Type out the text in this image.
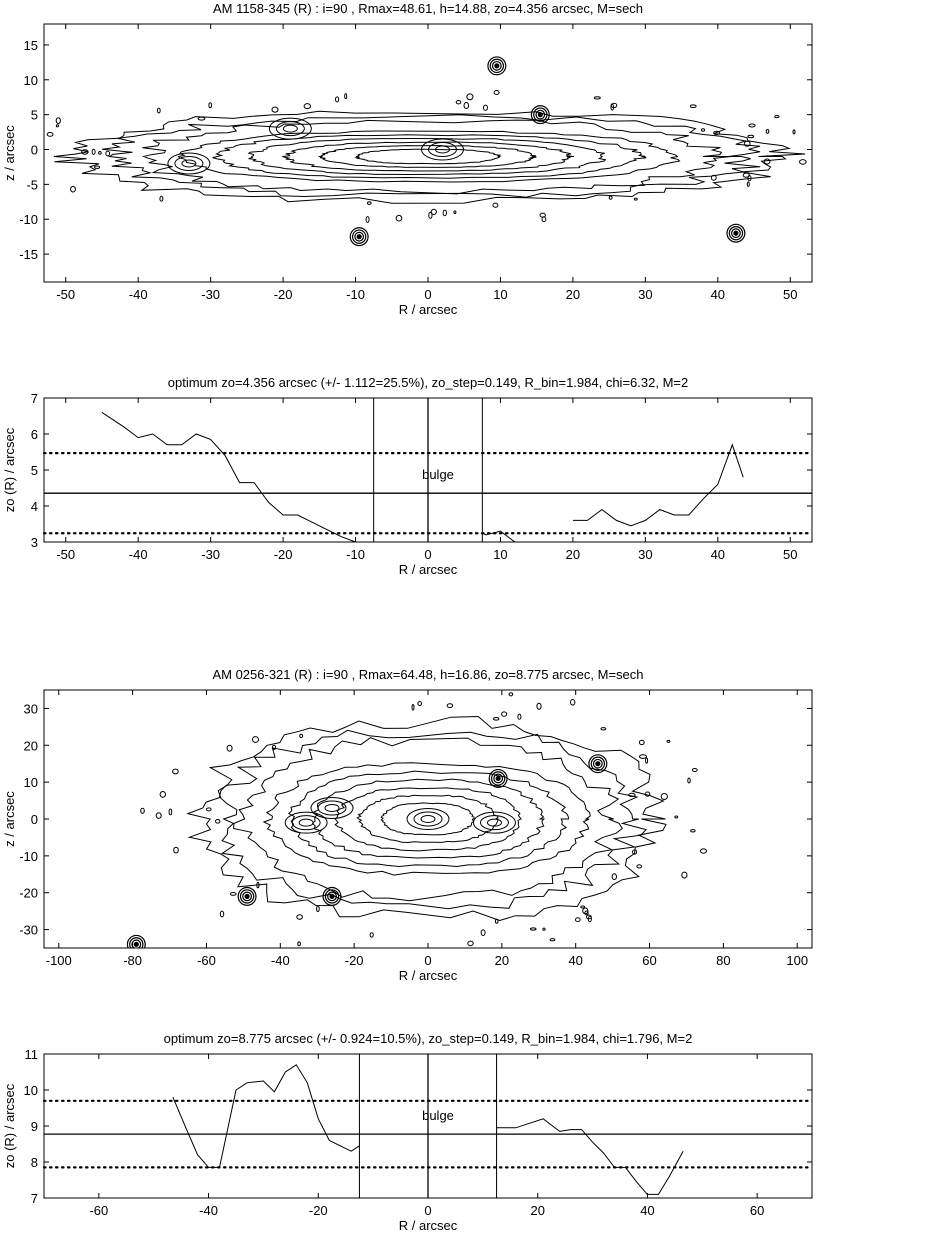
AM 1158-345 (R) : i=90 , Rmax=48.61, h=14.88, zo=4.356 arcsec, M=sech
-50	-40	-30	-20	-10	0	10	20	30	40	50
-15
-10
-5
0
5
10
15
R / arcsec
z / arcsec
optimum zo=4.356 arcsec (+/- 1.112=25.5%), zo_step=0.149, R_bin=1.984, chi=6.32, M=2
-50	-40	-30	-20	-10	0	10	20	30	40	50
3
4
5
6
7
R / arcsec
zo (R) / arcsec	bulge
AM 0256-321 (R) : i=90 , Rmax=64.48, h=16.86, zo=8.775 arcsec, M=sech
-100	-80	-60	-40	-20	0	20	40	60	80	100
-30
-20
-10
0
10
20
30
R / arcsec
z / arcsec
optimum zo=8.775 arcsec (+/- 0.924=10.5%), zo_step=0.149, R_bin=1.984, chi=1.796, M=2
-60	-40	-20	0	20	40	60
7
8
9
10
11
R / arcsec
zo (R) / arcsec	bulge
